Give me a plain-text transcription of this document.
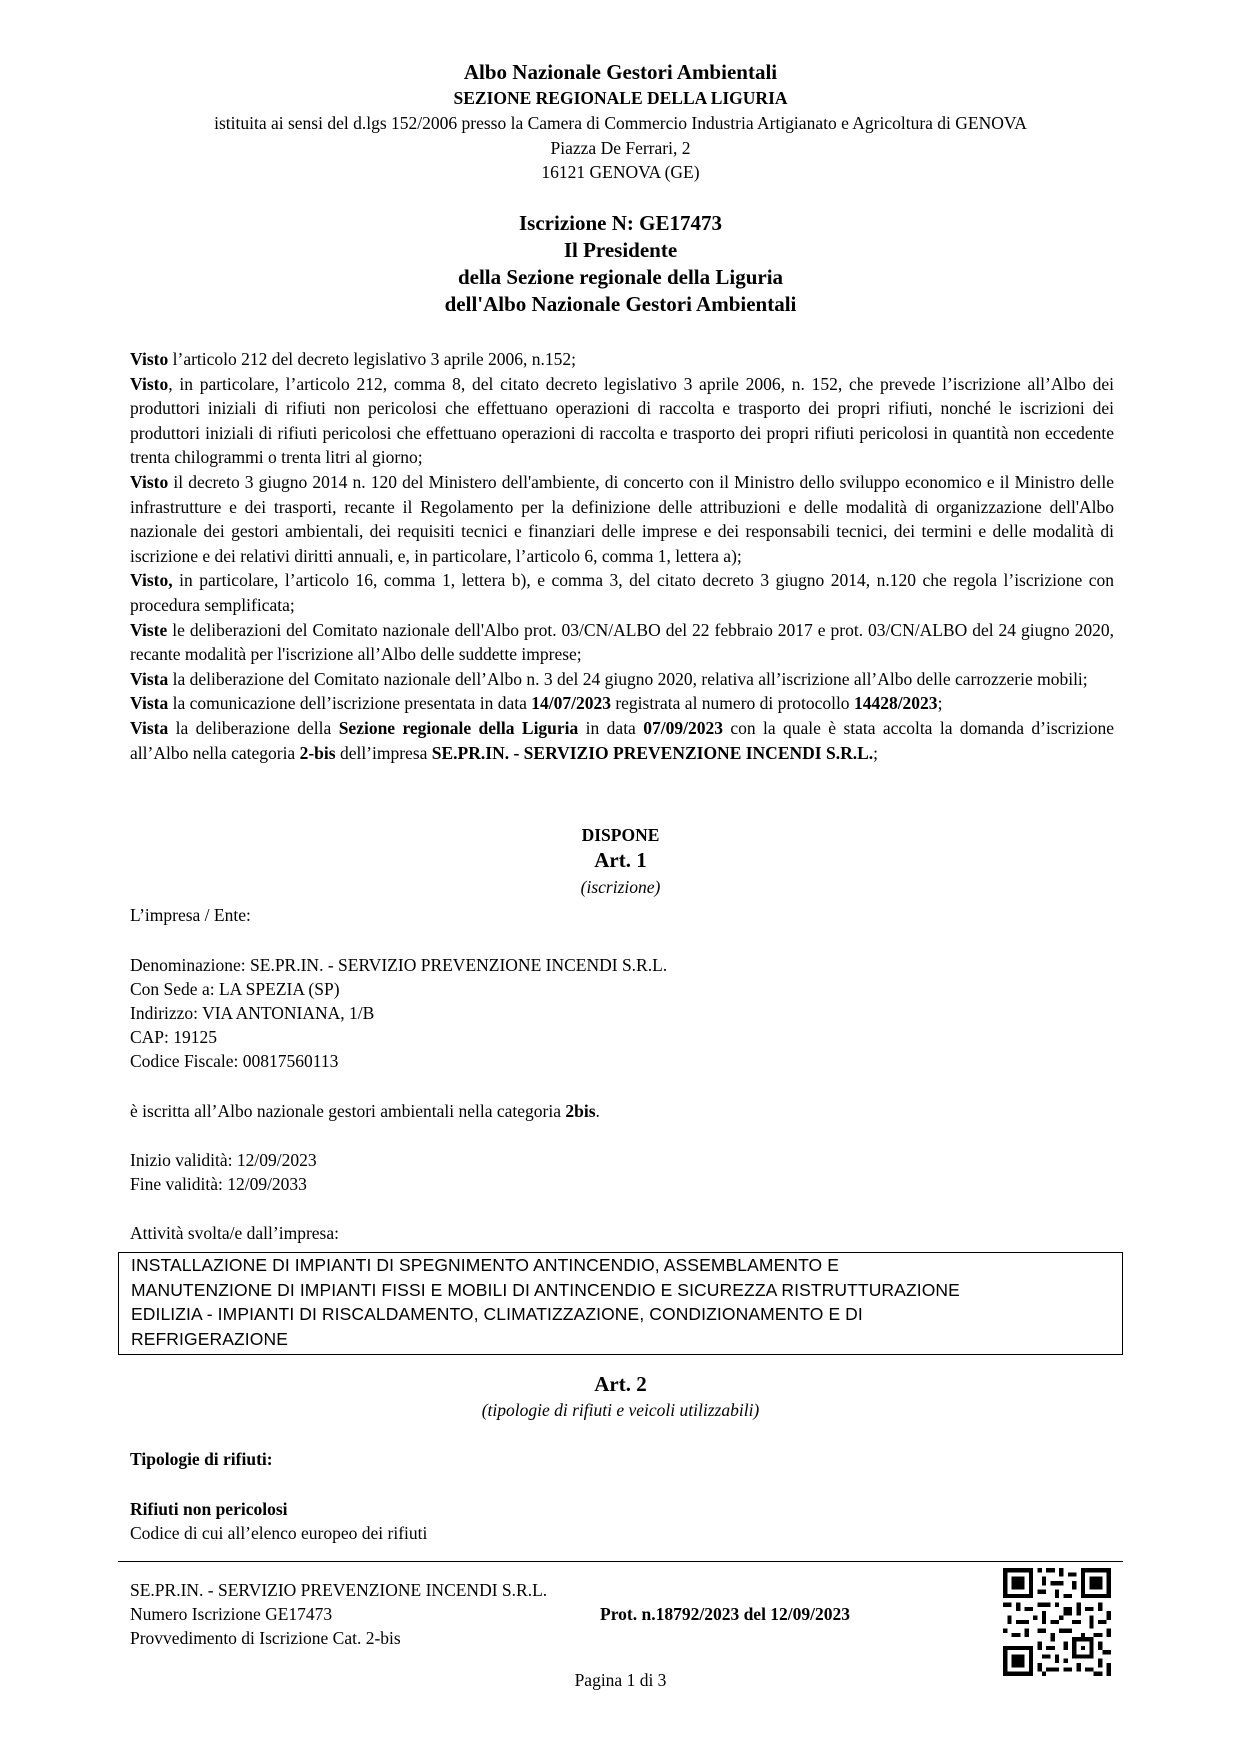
Albo Nazionale Gestori Ambientali
SEZIONE REGIONALE DELLA LIGURIA
istituita ai sensi del d.lgs 152/2006 presso la Camera di Commercio Industria Artigianato e Agricoltura di GENOVA
Piazza De Ferrari, 2
16121 GENOVA (GE)
Iscrizione N: GE17473
Il Presidente
della Sezione regionale della Liguria
dell'Albo Nazionale Gestori Ambientali

Visto l’articolo 212 del decreto legislativo 3 aprile 2006, n.152;

Visto, in particolare, l’articolo 212, comma 8, del citato decreto legislativo 3 aprile 2006, n. 152, che prevede l’iscrizione all’Albo dei produttori iniziali di rifiuti non pericolosi che effettuano operazioni di raccolta e trasporto dei propri rifiuti, nonché le iscrizioni dei produttori iniziali di rifiuti pericolosi che effettuano operazioni di raccolta e trasporto dei propri rifiuti pericolosi in quantità non eccedente trenta chilogrammi o trenta litri al giorno;

Visto il decreto 3 giugno 2014 n. 120 del Ministero dell'ambiente, di concerto con il Ministro dello sviluppo economico e il Ministro delle infrastrutture e dei trasporti, recante il Regolamento per la definizione delle attribuzioni e delle modalità di organizzazione dell'Albo nazionale dei gestori ambientali, dei requisiti tecnici e finanziari delle imprese e dei responsabili tecnici, dei termini e delle modalità di iscrizione e dei relativi diritti annuali, e, in particolare, l’articolo 6, comma 1, lettera a);

Visto, in particolare, l’articolo 16, comma 1, lettera b), e comma 3, del citato decreto 3 giugno 2014, n.120 che regola l’iscrizione con procedura semplificata;

Viste le deliberazioni del Comitato nazionale dell'Albo prot. 03/CN/ALBO del 22 febbraio 2017 e prot. 03/CN/ALBO del 24 giugno 2020, recante modalità per l'iscrizione all’Albo delle suddette imprese;

Vista la deliberazione del Comitato nazionale dell’Albo n. 3 del 24 giugno 2020, relativa all’iscrizione all’Albo delle carrozzerie mobili;

Vista la comunicazione dell’iscrizione presentata in data 14/07/2023 registrata al numero di protocollo 14428/2023;

Vista la deliberazione della Sezione regionale della Liguria in data 07/09/2023 con la quale è stata accolta la domanda d’iscrizione all’Albo nella categoria 2-bis dell’impresa SE.PR.IN. - SERVIZIO PREVENZIONE INCENDI S.R.L.;

DISPONE
Art. 1
(iscrizione)
L’impresa / Ente:
Denominazione: SE.PR.IN. - SERVIZIO PREVENZIONE INCENDI S.R.L.
Con Sede a: LA SPEZIA (SP)
Indirizzo: VIA ANTONIANA, 1/B
CAP: 19125
Codice Fiscale: 00817560113
è iscritta all’Albo nazionale gestori ambientali nella categoria 2bis.
Inizio validità: 12/09/2023
Fine validità: 12/09/2033
Attività svolta/e dall’impresa:
INSTALLAZIONE DI IMPIANTI DI SPEGNIMENTO ANTINCENDIO, ASSEMBLAMENTO E
MANUTENZIONE DI IMPIANTI FISSI E MOBILI DI ANTINCENDIO E SICUREZZA RISTRUTTURAZIONE
EDILIZIA - IMPIANTI DI RISCALDAMENTO, CLIMATIZZAZIONE, CONDIZIONAMENTO E DI
REFRIGERAZIONE
Art. 2
(tipologie di rifiuti e veicoli utilizzabili)
Tipologie di rifiuti:
Rifiuti non pericolosi
Codice di cui all’elenco europeo dei rifiuti
SE.PR.IN. - SERVIZIO PREVENZIONE INCENDI S.R.L.
Numero Iscrizione GE17473	Prot. n.18792/2023 del 12/09/2023
Provvedimento di Iscrizione Cat. 2-bis
Pagina 1 di 3
